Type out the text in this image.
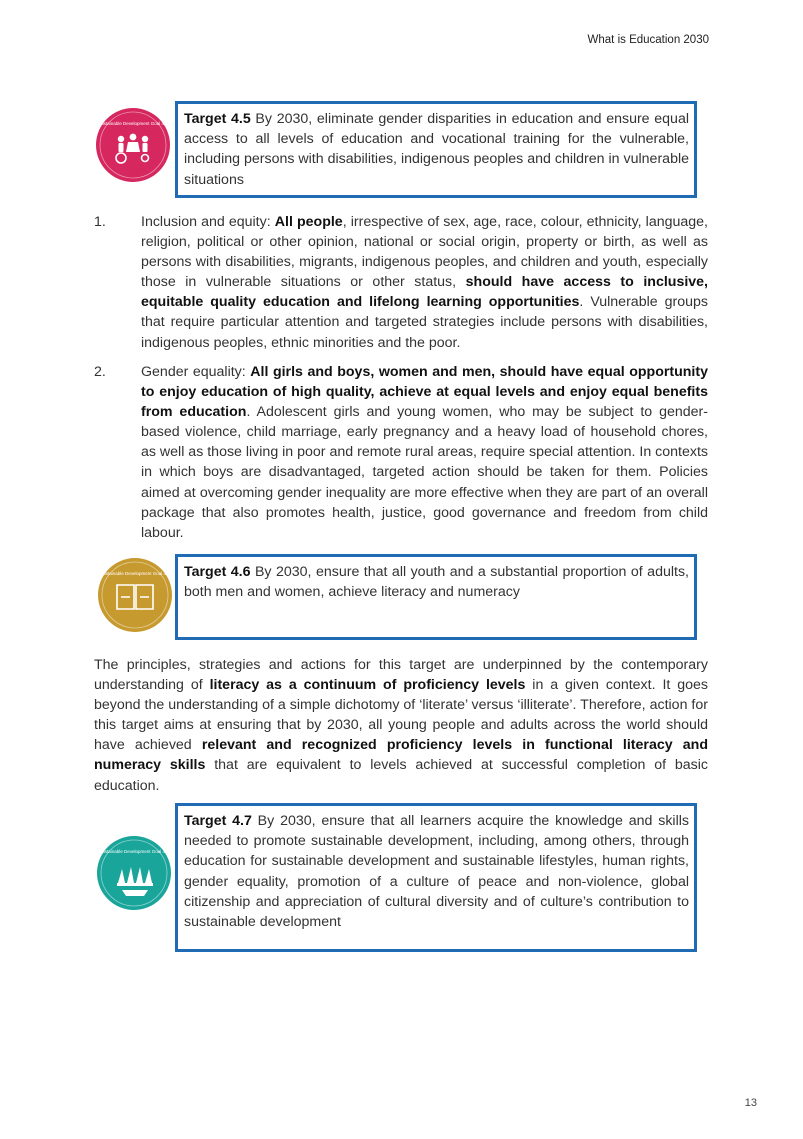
What is Education 2030
Sustainable Development Goal 4.5	Target 4.5 By 2030, eliminate gender disparities in education and ensure equal access to all levels of education and vocational training for the vulnerable, including persons with disabilities, indigenous peoples and children in vulnerable situations
1. Inclusion and equity: All people, irrespective of sex, age, race, colour, ethnicity, language, religion, political or other opinion, national or social origin, property or birth, as well as persons with disabilities, migrants, indigenous peoples, and children and youth, especially those in vulnerable situations or other status, should have access to inclusive, equitable quality education and lifelong learning opportunities. Vulnerable groups that require particular attention and targeted strategies include persons with disabilities, indigenous peoples, ethnic minorities and the poor.
2. Gender equality: All girls and boys, women and men, should have equal opportunity to enjoy education of high quality, achieve at equal levels and enjoy equal benefits from education. Adolescent girls and young women, who may be subject to gender-based violence, child marriage, early pregnancy and a heavy load of household chores, as well as those living in poor and remote rural areas, require special attention. In contexts in which boys are disadvantaged, targeted action should be taken for them. Policies aimed at overcoming gender inequality are more effective when they are part of an overall package that also promotes health, justice, good governance and freedom from child labour.
Sustainable Development Goal 4.6	Target 4.6 By 2030, ensure that all youth and a substantial proportion of adults, both men and women, achieve literacy and numeracy
The principles, strategies and actions for this target are underpinned by the contemporary understanding of literacy as a continuum of proficiency levels in a given context. It goes beyond the understanding of a simple dichotomy of ‘literate’ versus ‘illiterate’. Therefore, action for this target aims at ensuring that by 2030, all young people and adults across the world should have achieved relevant and recognized proficiency levels in functional literacy and numeracy skills that are equivalent to levels achieved at successful completion of basic education.
Sustainable Development Goal 4.7
Target 4.7 By 2030, ensure that all learners acquire the knowledge and skills needed to promote sustainable development, including, among others, through education for sustainable development and sustainable lifestyles, human rights, gender equality, promotion of a culture of peace and non-violence, global citizenship and appreciation of cultural diversity and of culture’s contribution to sustainable development
13
